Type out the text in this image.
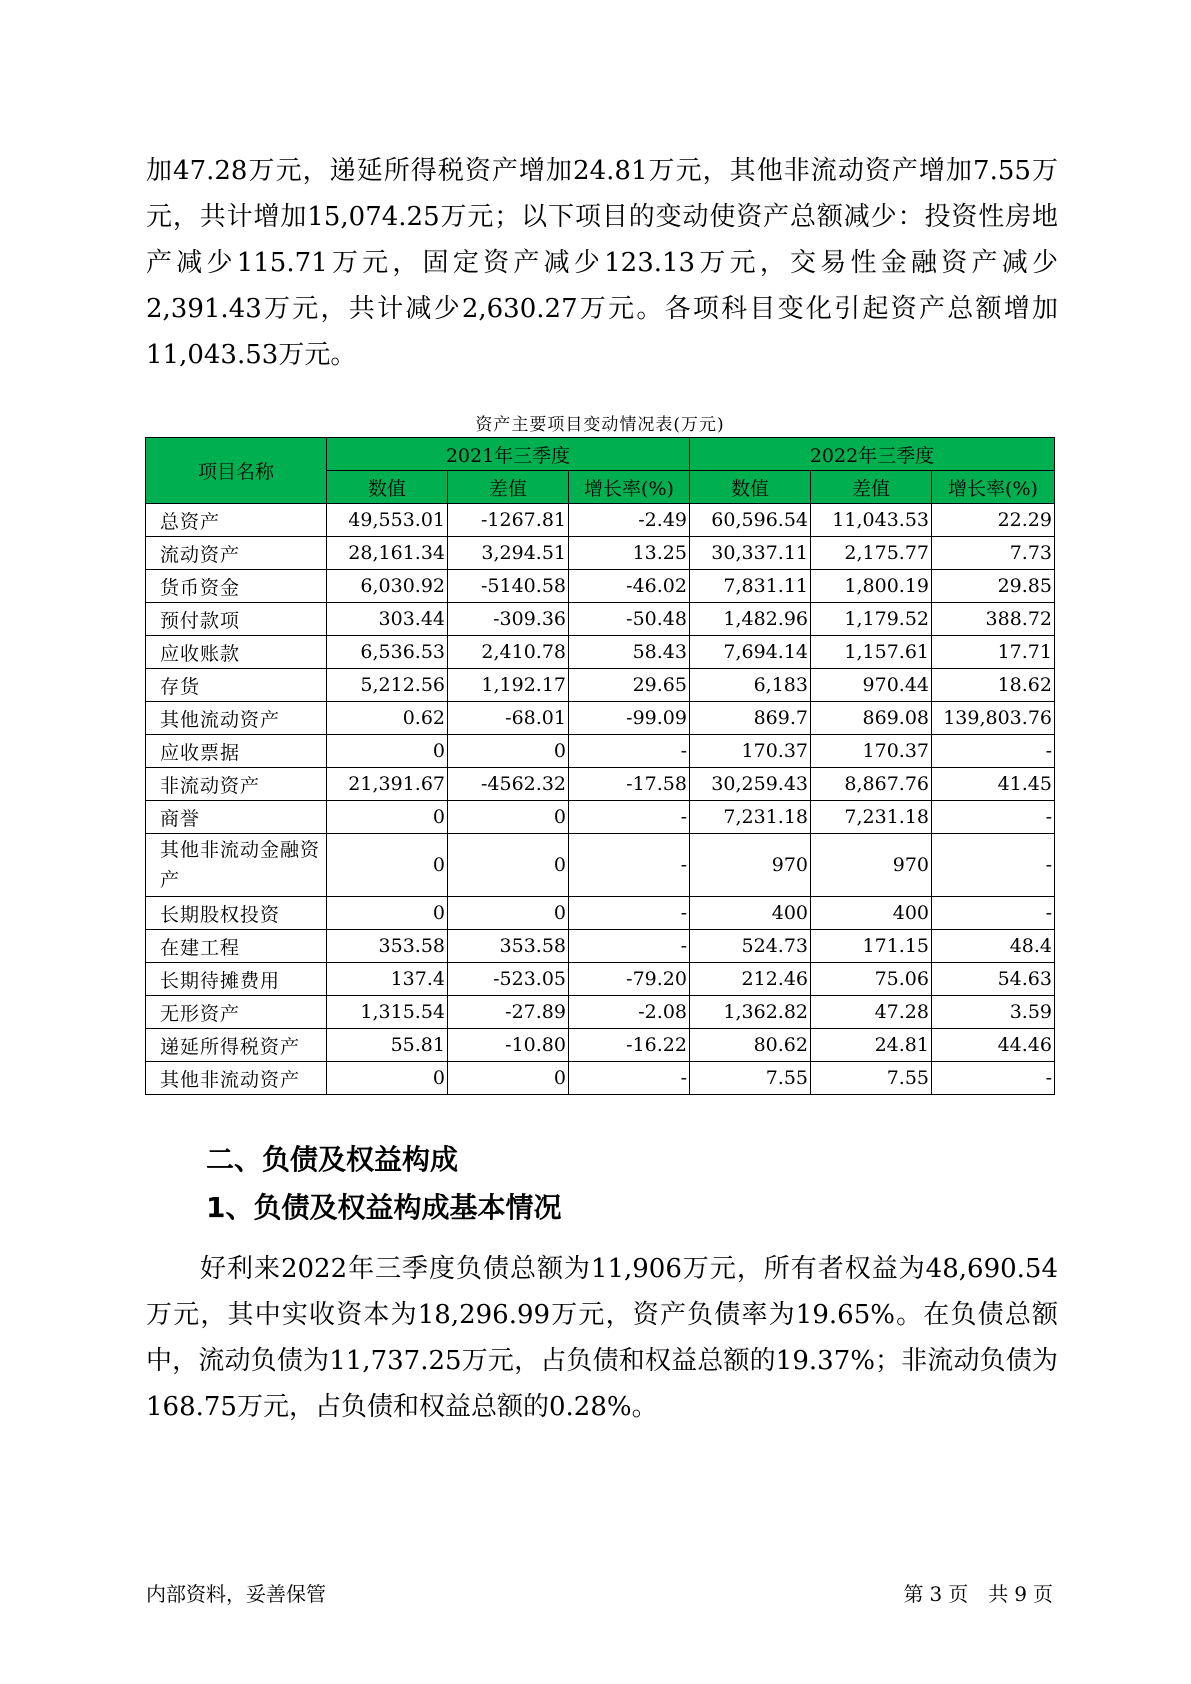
加47.28万元，递延所得税资产增加24.81万元，其他非流动资产增加7.55万元，共计增加15,074.25万元；以下项目的变动使资产总额减少：投资性房地产减少115.71万元，固定资产减少123.13万元，交易性金融资产减少2,391.43万元，共计减少2,630.27万元。各项科目变化引起资产总额增加11,043.53万元。

资产主要项目变动情况表(万元)
项目名称	2021年三季度			2022年三季度		
	数值	差值	增长率(%)	数值	差值	增长率(%)
总资产	49,553.01	-1267.81	-2.49	60,596.54	11,043.53	22.29
流动资产	28,161.34	3,294.51	13.25	30,337.11	2,175.77	7.73
货币资金	6,030.92	-5140.58	-46.02	7,831.11	1,800.19	29.85
预付款项	303.44	-309.36	-50.48	1,482.96	1,179.52	388.72
应收账款	6,536.53	2,410.78	58.43	7,694.14	1,157.61	17.71
存货	5,212.56	1,192.17	29.65	6,183	970.44	18.62
其他流动资产	0.62	-68.01	-99.09	869.7	869.08	139,803.76
应收票据	0	0	-	170.37	170.37	-
非流动资产	21,391.67	-4562.32	-17.58	30,259.43	8,867.76	41.45
商誉	0	0	-	7,231.18	7,231.18	-
其他非流动金融资产	0	0	-	970	970	-
长期股权投资	0	0	-	400	400	-
在建工程	353.58	353.58	-	524.73	171.15	48.4
长期待摊费用	137.4	-523.05	-79.20	212.46	75.06	54.63
无形资产	1,315.54	-27.89	-2.08	1,362.82	47.28	3.59
递延所得税资产	55.81	-10.80	-16.22	80.62	24.81	44.46
其他非流动资产	0	0	-	7.55	7.55	-
二、负债及权益构成
1、负债及权益构成基本情况

好利来2022年三季度负债总额为11,906万元，所有者权益为48,690.54万元，其中实收资本为18,296.99万元，资产负债率为19.65%。在负债总额中，流动负债为11,737.25万元，占负债和权益总额的19.37%；非流动负债为168.75万元，占负债和权益总额的0.28%。

内部资料，妥善保管	第 3 页　共 9 页
